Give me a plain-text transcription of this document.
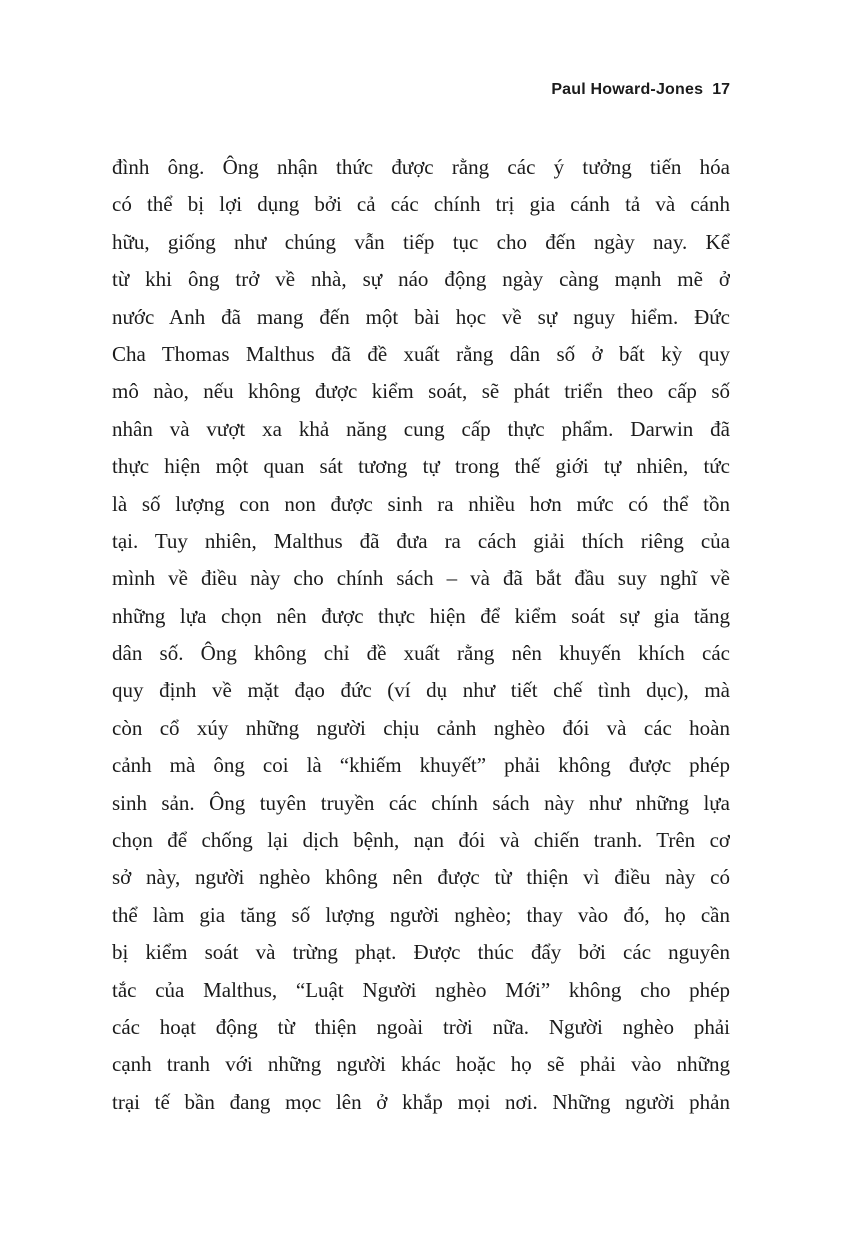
Paul Howard-Jones 17
đình ông. Ông nhận thức được rằng các ý tưởng tiến hóa
có thể bị lợi dụng bởi cả các chính trị gia cánh tả và cánh
hữu, giống như chúng vẫn tiếp tục cho đến ngày nay. Kể
từ khi ông trở về nhà, sự náo động ngày càng mạnh mẽ ở
nước Anh đã mang đến một bài học về sự nguy hiểm. Đức
Cha Thomas Malthus đã đề xuất rằng dân số ở bất kỳ quy
mô nào, nếu không được kiểm soát, sẽ phát triển theo cấp số
nhân và vượt xa khả năng cung cấp thực phẩm. Darwin đã
thực hiện một quan sát tương tự trong thế giới tự nhiên, tức
là số lượng con non được sinh ra nhiều hơn mức có thể tồn
tại. Tuy nhiên, Malthus đã đưa ra cách giải thích riêng của
mình về điều này cho chính sách – và đã bắt đầu suy nghĩ về
những lựa chọn nên được thực hiện để kiểm soát sự gia tăng
dân số. Ông không chỉ đề xuất rằng nên khuyến khích các
quy định về mặt đạo đức (ví dụ như tiết chế tình dục), mà
còn cổ xúy những người chịu cảnh nghèo đói và các hoàn
cảnh mà ông coi là “khiếm khuyết” phải không được phép
sinh sản. Ông tuyên truyền các chính sách này như những lựa
chọn để chống lại dịch bệnh, nạn đói và chiến tranh. Trên cơ
sở này, người nghèo không nên được từ thiện vì điều này có
thể làm gia tăng số lượng người nghèo; thay vào đó, họ cần
bị kiểm soát và trừng phạt. Được thúc đẩy bởi các nguyên
tắc của Malthus, “Luật Người nghèo Mới” không cho phép
các hoạt động từ thiện ngoài trời nữa. Người nghèo phải
cạnh tranh với những người khác hoặc họ sẽ phải vào những
trại tế bần đang mọc lên ở khắp mọi nơi. Những người phản
